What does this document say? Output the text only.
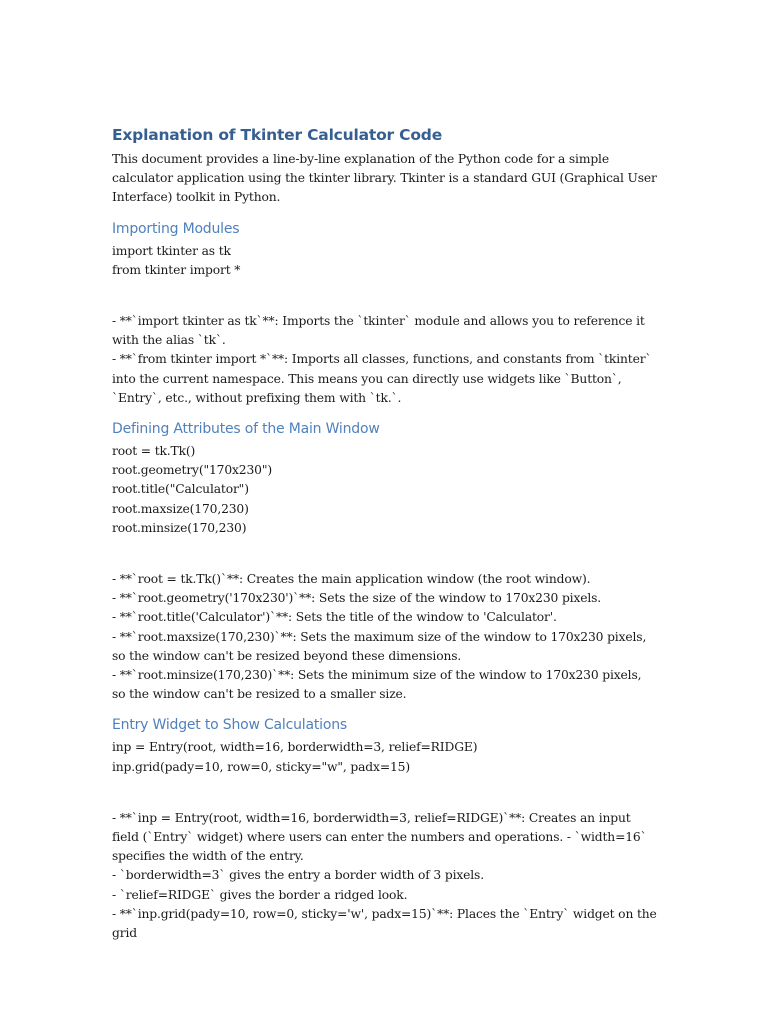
Explanation of Tkinter Calculator Code

This document provides a line-by-line explanation of the Python code for a simple calculator application using the tkinter library. Tkinter is a standard GUI (Graphical User Interface) toolkit in Python.

Importing Modules
import tkinter as tk
from tkinter import *

- **`import tkinter as tk`**: Imports the `tkinter` module and allows you to reference it with the alias `tk`.

- **`from tkinter import *`**: Imports all classes, functions, and constants from `tkinter` into the current namespace. This means you can directly use widgets like `Button`, `Entry`, etc., without prefixing them with `tk.`.

Defining Attributes of the Main Window
root = tk.Tk()
root.geometry("170x230")
root.title("Calculator")
root.maxsize(170,230)
root.minsize(170,230)

- **`root = tk.Tk()`**: Creates the main application window (the root window).

- **`root.geometry('170x230')`**: Sets the size of the window to 170x230 pixels.

- **`root.title('Calculator')`**: Sets the title of the window to 'Calculator'.

- **`root.maxsize(170,230)`**: Sets the maximum size of the window to 170x230 pixels, so the window can't be resized beyond these dimensions.

- **`root.minsize(170,230)`**: Sets the minimum size of the window to 170x230 pixels, so the window can't be resized to a smaller size.

Entry Widget to Show Calculations
inp = Entry(root, width=16, borderwidth=3, relief=RIDGE)
inp.grid(pady=10, row=0, sticky="w", padx=15)

- **`inp = Entry(root, width=16, borderwidth=3, relief=RIDGE)`**: Creates an input field (`Entry` widget) where users can enter the numbers and operations. - `width=16` specifies the width of the entry.

- `borderwidth=3` gives the entry a border width of 3 pixels.

- `relief=RIDGE` gives the border a ridged look.

- **`inp.grid(pady=10, row=0, sticky='w', padx=15)`**: Places the `Entry` widget on the grid
